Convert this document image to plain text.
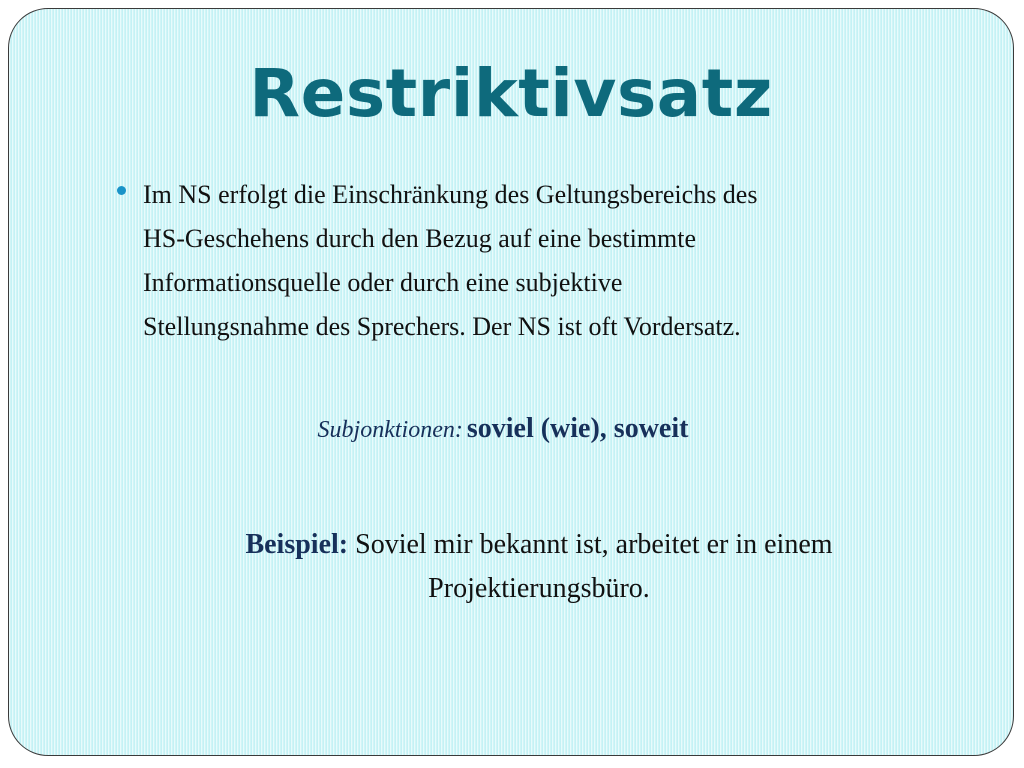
Restriktivsatz
Im NS erfolgt die Einschränkung des Geltungsbereichs des
HS-Geschehens durch den Bezug auf eine bestimmte
Informationsquelle oder durch eine subjektive
Stellungsnahme des Sprechers. Der NS ist oft Vordersatz.
Subjonktionen: soviel (wie), soweit
Beispiel: Soviel mir bekannt ist, arbeitet er in einem
Projektierungsbüro.
